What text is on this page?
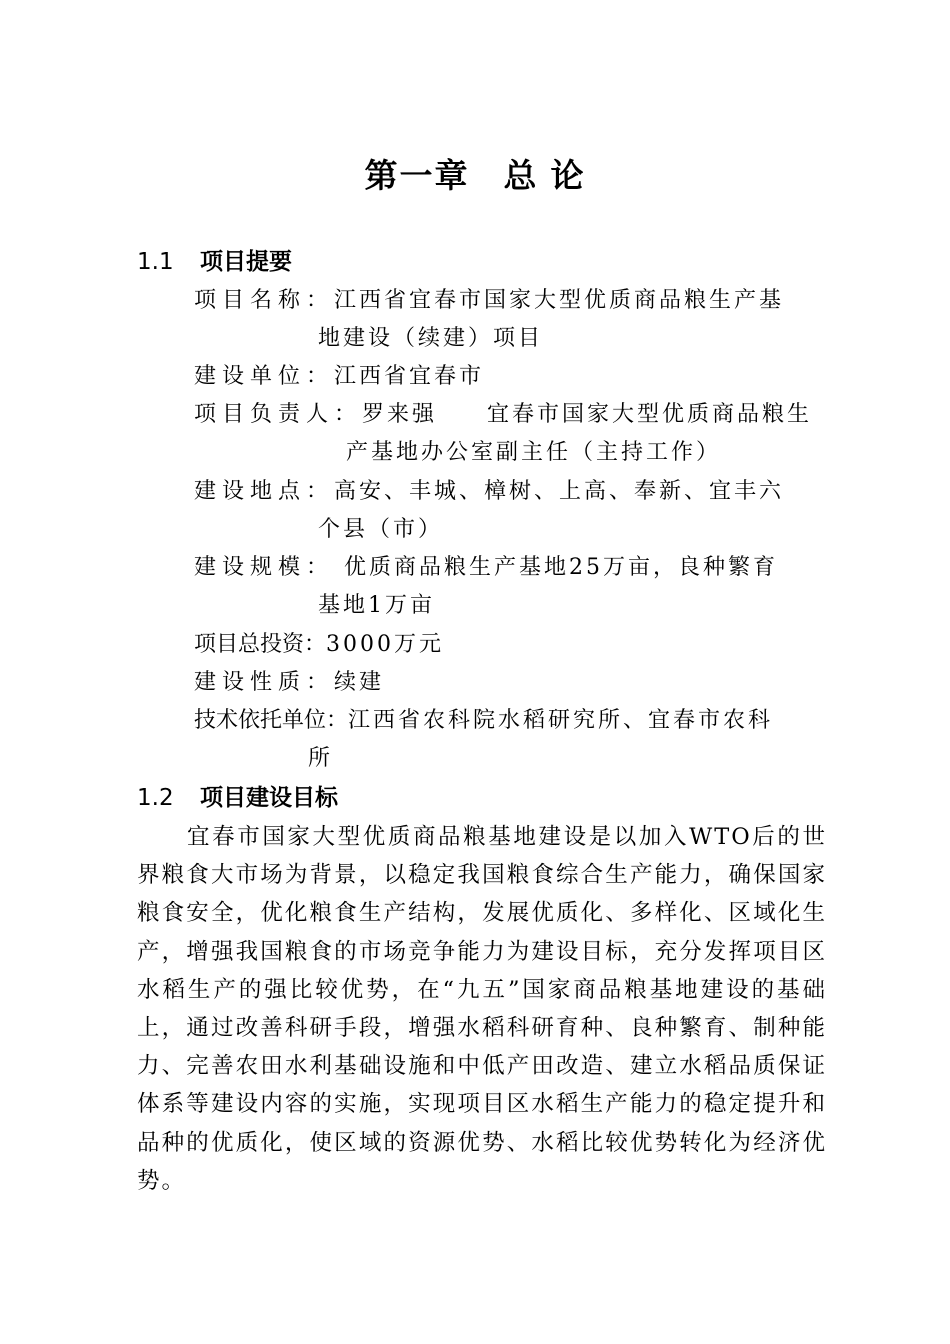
第一章 总 论
1.1 项目提要
项目名称：江西省宜春市国家大型优质商品粮生产基
地建设（续建）项目
建设单位：江西省宜春市
项目负责人：罗来强　　宜春市国家大型优质商品粮生
产基地办公室副主任（主持工作）
建设地点：高安、丰城、樟树、上高、奉新、宜丰六
个县（市）
建设规模： 优质商品粮生产基地25万亩，良种繁育
基地1万亩
项目总投资：3000万元
建设性质：续建
技术依托单位：江西省农科院水稻研究所、宜春市农科
所
1.2 项目建设目标

宜春市国家大型优质商品粮基地建设是以加入WTO后的世界粮食大市场为背景，以稳定我国粮食综合生产能力，确保国家粮食安全，优化粮食生产结构，发展优质化、多样化、区域化生产，增强我国粮食的市场竞争能力为建设目标，充分发挥项目区水稻生产的强比较优势，在“九五”国家商品粮基地建设的基础上，通过改善科研手段，增强水稻科研育种、良种繁育、制种能力、完善农田水利基础设施和中低产田改造、建立水稻品质保证体系等建设内容的实施，实现项目区水稻生产能力的稳定提升和品种的优质化，使区域的资源优势、水稻比较优势转化为经济优势。
